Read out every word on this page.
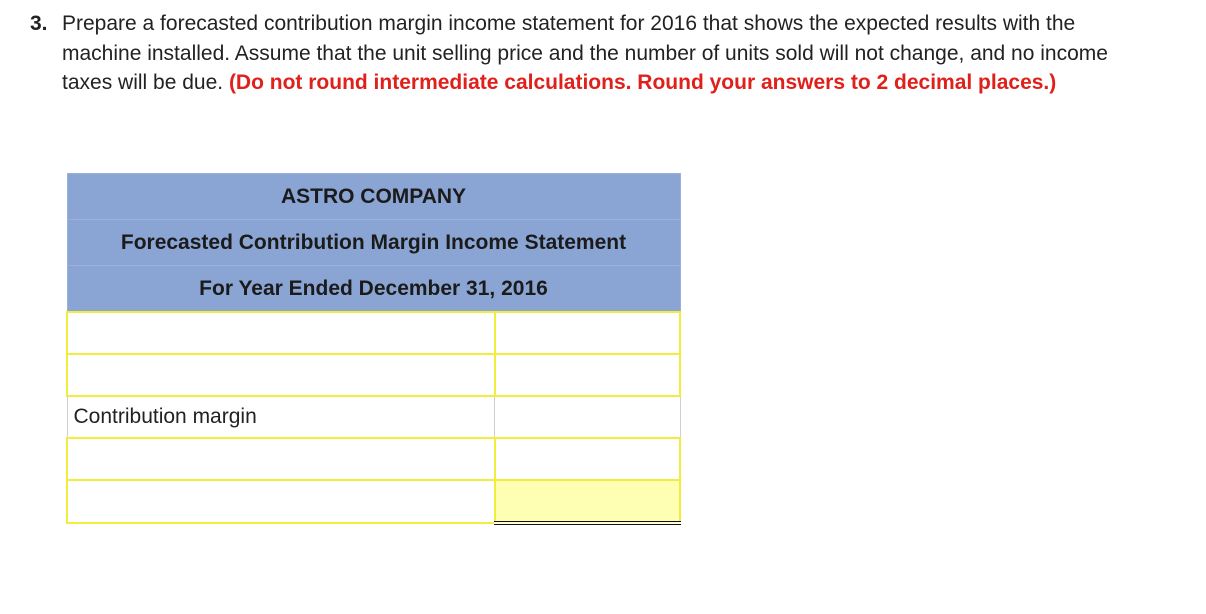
3. Prepare a forecasted contribution margin income statement for 2016 that shows the expected results with the machine installed. Assume that the unit selling price and the number of units sold will not change, and no income taxes will be due. (Do not round intermediate calculations. Round your answers to 2 decimal places.)
ASTRO COMPANY	
Forecasted Contribution Margin Income Statement	
For Year Ended December 31, 2016	

Contribution margin	
